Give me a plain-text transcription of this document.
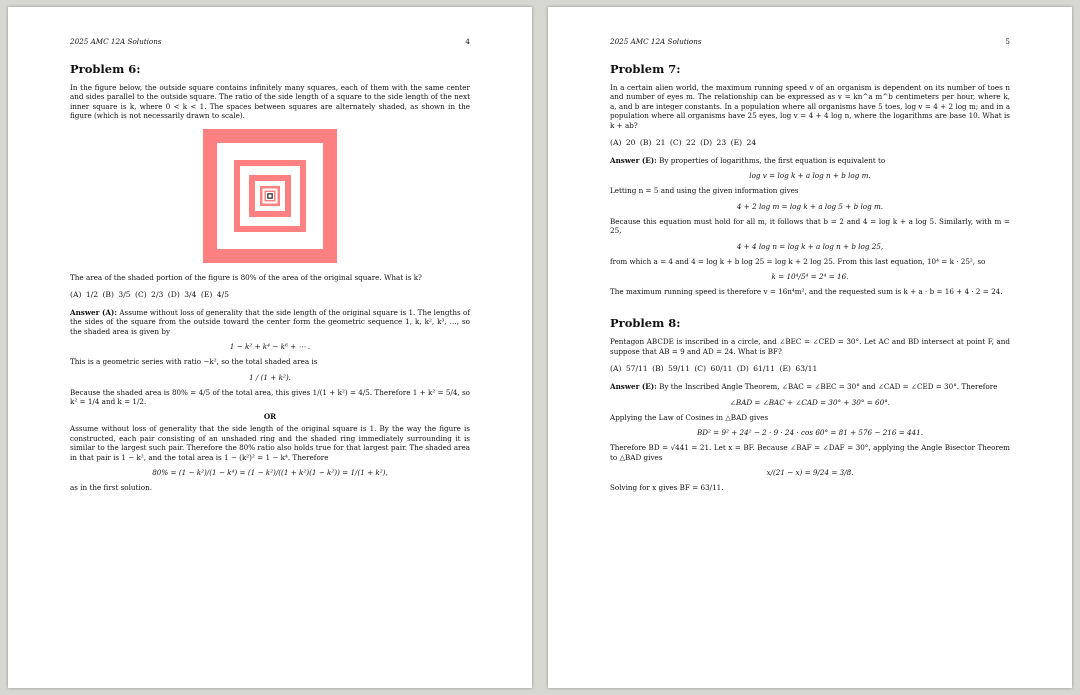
2025 AMC 12A Solutions	4
Problem 6:

In the figure below, the outside square contains infinitely many squares, each of them with the same center and sides parallel to the outside square. The ratio of the side length of a square to the side length of the next inner square is k, where 0 < k < 1. The spaces between squares are alternately shaded, as shown in the figure (which is not necessarily drawn to scale).

The area of the shaded portion of the figure is 80% of the area of the original square. What is k?

(A) 1/2 (B) 3/5 (C) 2/3 (D) 3/4 (E) 4/5

Answer (A): Assume without loss of generality that the side length of the original square is 1. The lengths of the sides of the square from the outside toward the center form the geometric sequence 1, k, k², k³, …, so the shaded area is given by

1 − k² + k⁴ − k⁶ + ⋯ .

This is a geometric series with ratio −k², so the total shaded area is

1 / (1 + k²).

Because the shaded area is 80% = 4/5 of the total area, this gives 1/(1 + k²) = 4/5. Therefore 1 + k² = 5/4, so k² = 1/4 and k = 1/2.

OR

Assume without loss of generality that the side length of the original square is 1. By the way the figure is constructed, each pair consisting of an unshaded ring and the shaded ring immediately surrounding it is similar to the largest such pair. Therefore the 80% ratio also holds true for that largest pair. The shaded area in that pair is 1 − k², and the total area is 1 − (k²)² = 1 − k⁴. Therefore

80% = (1 − k²)/(1 − k⁴) = (1 − k²)/((1 + k²)(1 − k²)) = 1/(1 + k²),

as in the first solution.

2025 AMC 12A Solutions	5
Problem 7:

In a certain alien world, the maximum running speed v of an organism is dependent on its number of toes n and number of eyes m. The relationship can be expressed as v = kn^a m^b centimeters per hour, where k, a, and b are integer constants. In a population where all organisms have 5 toes, log v = 4 + 2 log m; and in a population where all organisms have 25 eyes, log v = 4 + 4 log n, where the logarithms are base 10. What is k + ab?

(A) 20 (B) 21 (C) 22 (D) 23 (E) 24

Answer (E): By properties of logarithms, the first equation is equivalent to

log v = log k + a log n + b log m.

Letting n = 5 and using the given information gives

4 + 2 log m = log k + a log 5 + b log m.

Because this equation must hold for all m, it follows that b = 2 and 4 = log k + a log 5. Similarly, with m = 25,

4 + 4 log n = log k + a log n + b log 25,

from which a = 4 and 4 = log k + b log 25 = log k + 2 log 25. From this last equation, 10⁴ = k · 25², so

k = 10⁴/5⁴ = 2⁴ = 16.

The maximum running speed is therefore v = 16n⁴m², and the requested sum is k + a · b = 16 + 4 · 2 = 24.

Problem 8:

Pentagon ABCDE is inscribed in a circle, and ∠BEC = ∠CED = 30°. Let AC and BD intersect at point F, and suppose that AB = 9 and AD = 24. What is BF?

(A) 57/11 (B) 59/11 (C) 60/11 (D) 61/11 (E) 63/11

Answer (E): By the Inscribed Angle Theorem, ∠BAC = ∠BEC = 30° and ∠CAD = ∠CED = 30°. Therefore

∠BAD = ∠BAC + ∠CAD = 30° + 30° = 60°.

Applying the Law of Cosines in △BAD gives

BD² = 9² + 24² − 2 · 9 · 24 · cos 60° = 81 + 576 − 216 = 441.

Therefore BD = √441 = 21. Let x = BF. Because ∠BAF = ∠DAF = 30°, applying the Angle Bisector Theorem to △BAD gives

x/(21 − x) = 9/24 = 3/8.

Solving for x gives BF = 63/11.
